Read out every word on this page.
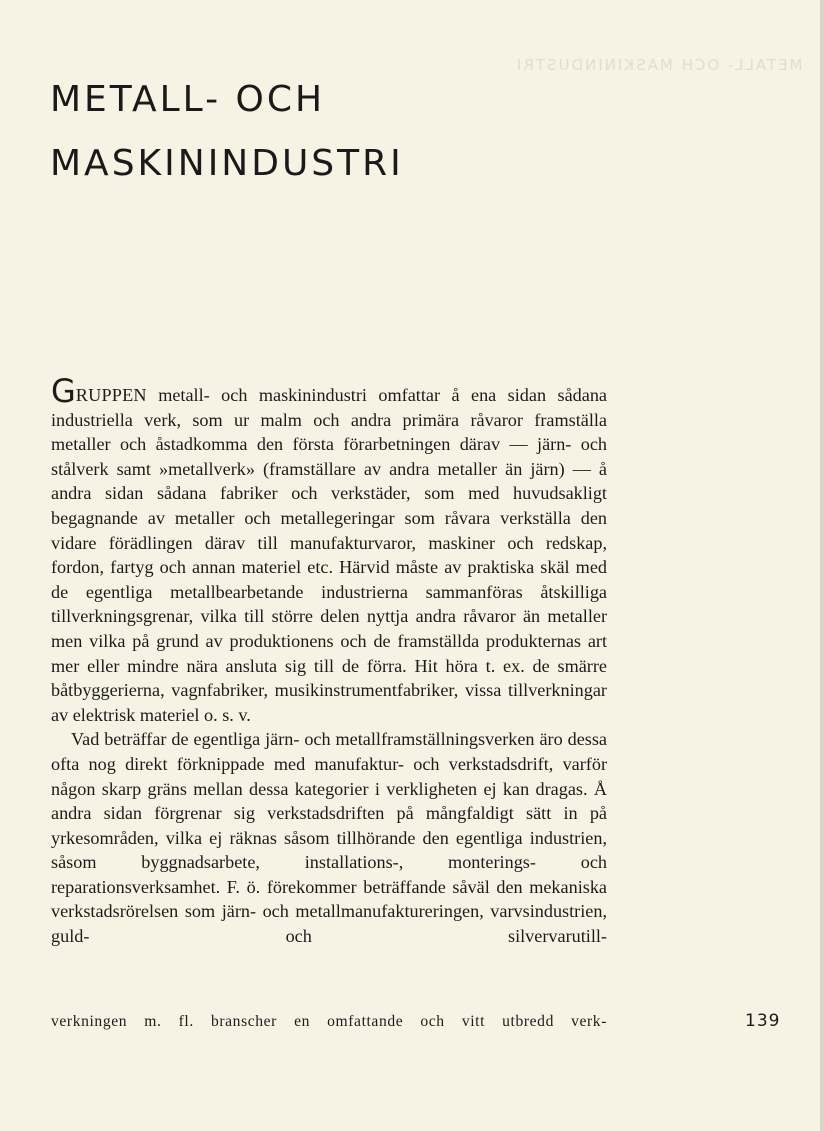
METALL- OCH MASKININDUSTRI
METALL- OCH
MASKININDUSTRI

GRUPPEN metall- och maskinindustri omfattar å ena sidan sådana industriella verk, som ur malm och andra primära råvaror framställa metaller och åstadkomma den första förarbetningen därav — järn- och stålverk samt »metallverk» (framställare av andra metaller än järn) — å andra sidan sådana fabriker och verkstäder, som med huvudsakligt begagnande av metaller och metallegeringar som råvara verkställa den vidare förädlingen därav till manufakturvaror, maskiner och redskap, fordon, fartyg och annan materiel etc. Härvid måste av praktiska skäl med de egentliga metallbearbetande industrierna sammanföras åtskilliga tillverkningsgrenar, vilka till större delen nyttja andra råvaror än metaller men vilka på grund av produktionens och de framställda produkternas art mer eller mindre nära ansluta sig till de förra. Hit höra t. ex. de smärre båtbyggerierna, vagnfabriker, musikinstrumentfabriker, vissa tillverkningar av elektrisk materiel o. s. v.

Vad beträffar de egentliga järn- och metallframställningsverken äro dessa ofta nog direkt förknippade med manufaktur- och verkstadsdrift, varför någon skarp gräns mellan dessa kategorier i verkligheten ej kan dragas. Å andra sidan förgrenar sig verkstadsdriften på mångfaldigt sätt in på yrkesområden, vilka ej räknas såsom tillhörande den egentliga industrien, såsom byggnadsarbete, installations-, monterings- och reparationsverksamhet. F. ö. förekommer beträffande såväl den mekaniska verkstadsrörelsen som järn- och metallmanufaktureringen, varvsindustrien, guld- och silvervarutill-

verkningen m. fl. branscher en omfattande och vitt utbredd verk-	139
